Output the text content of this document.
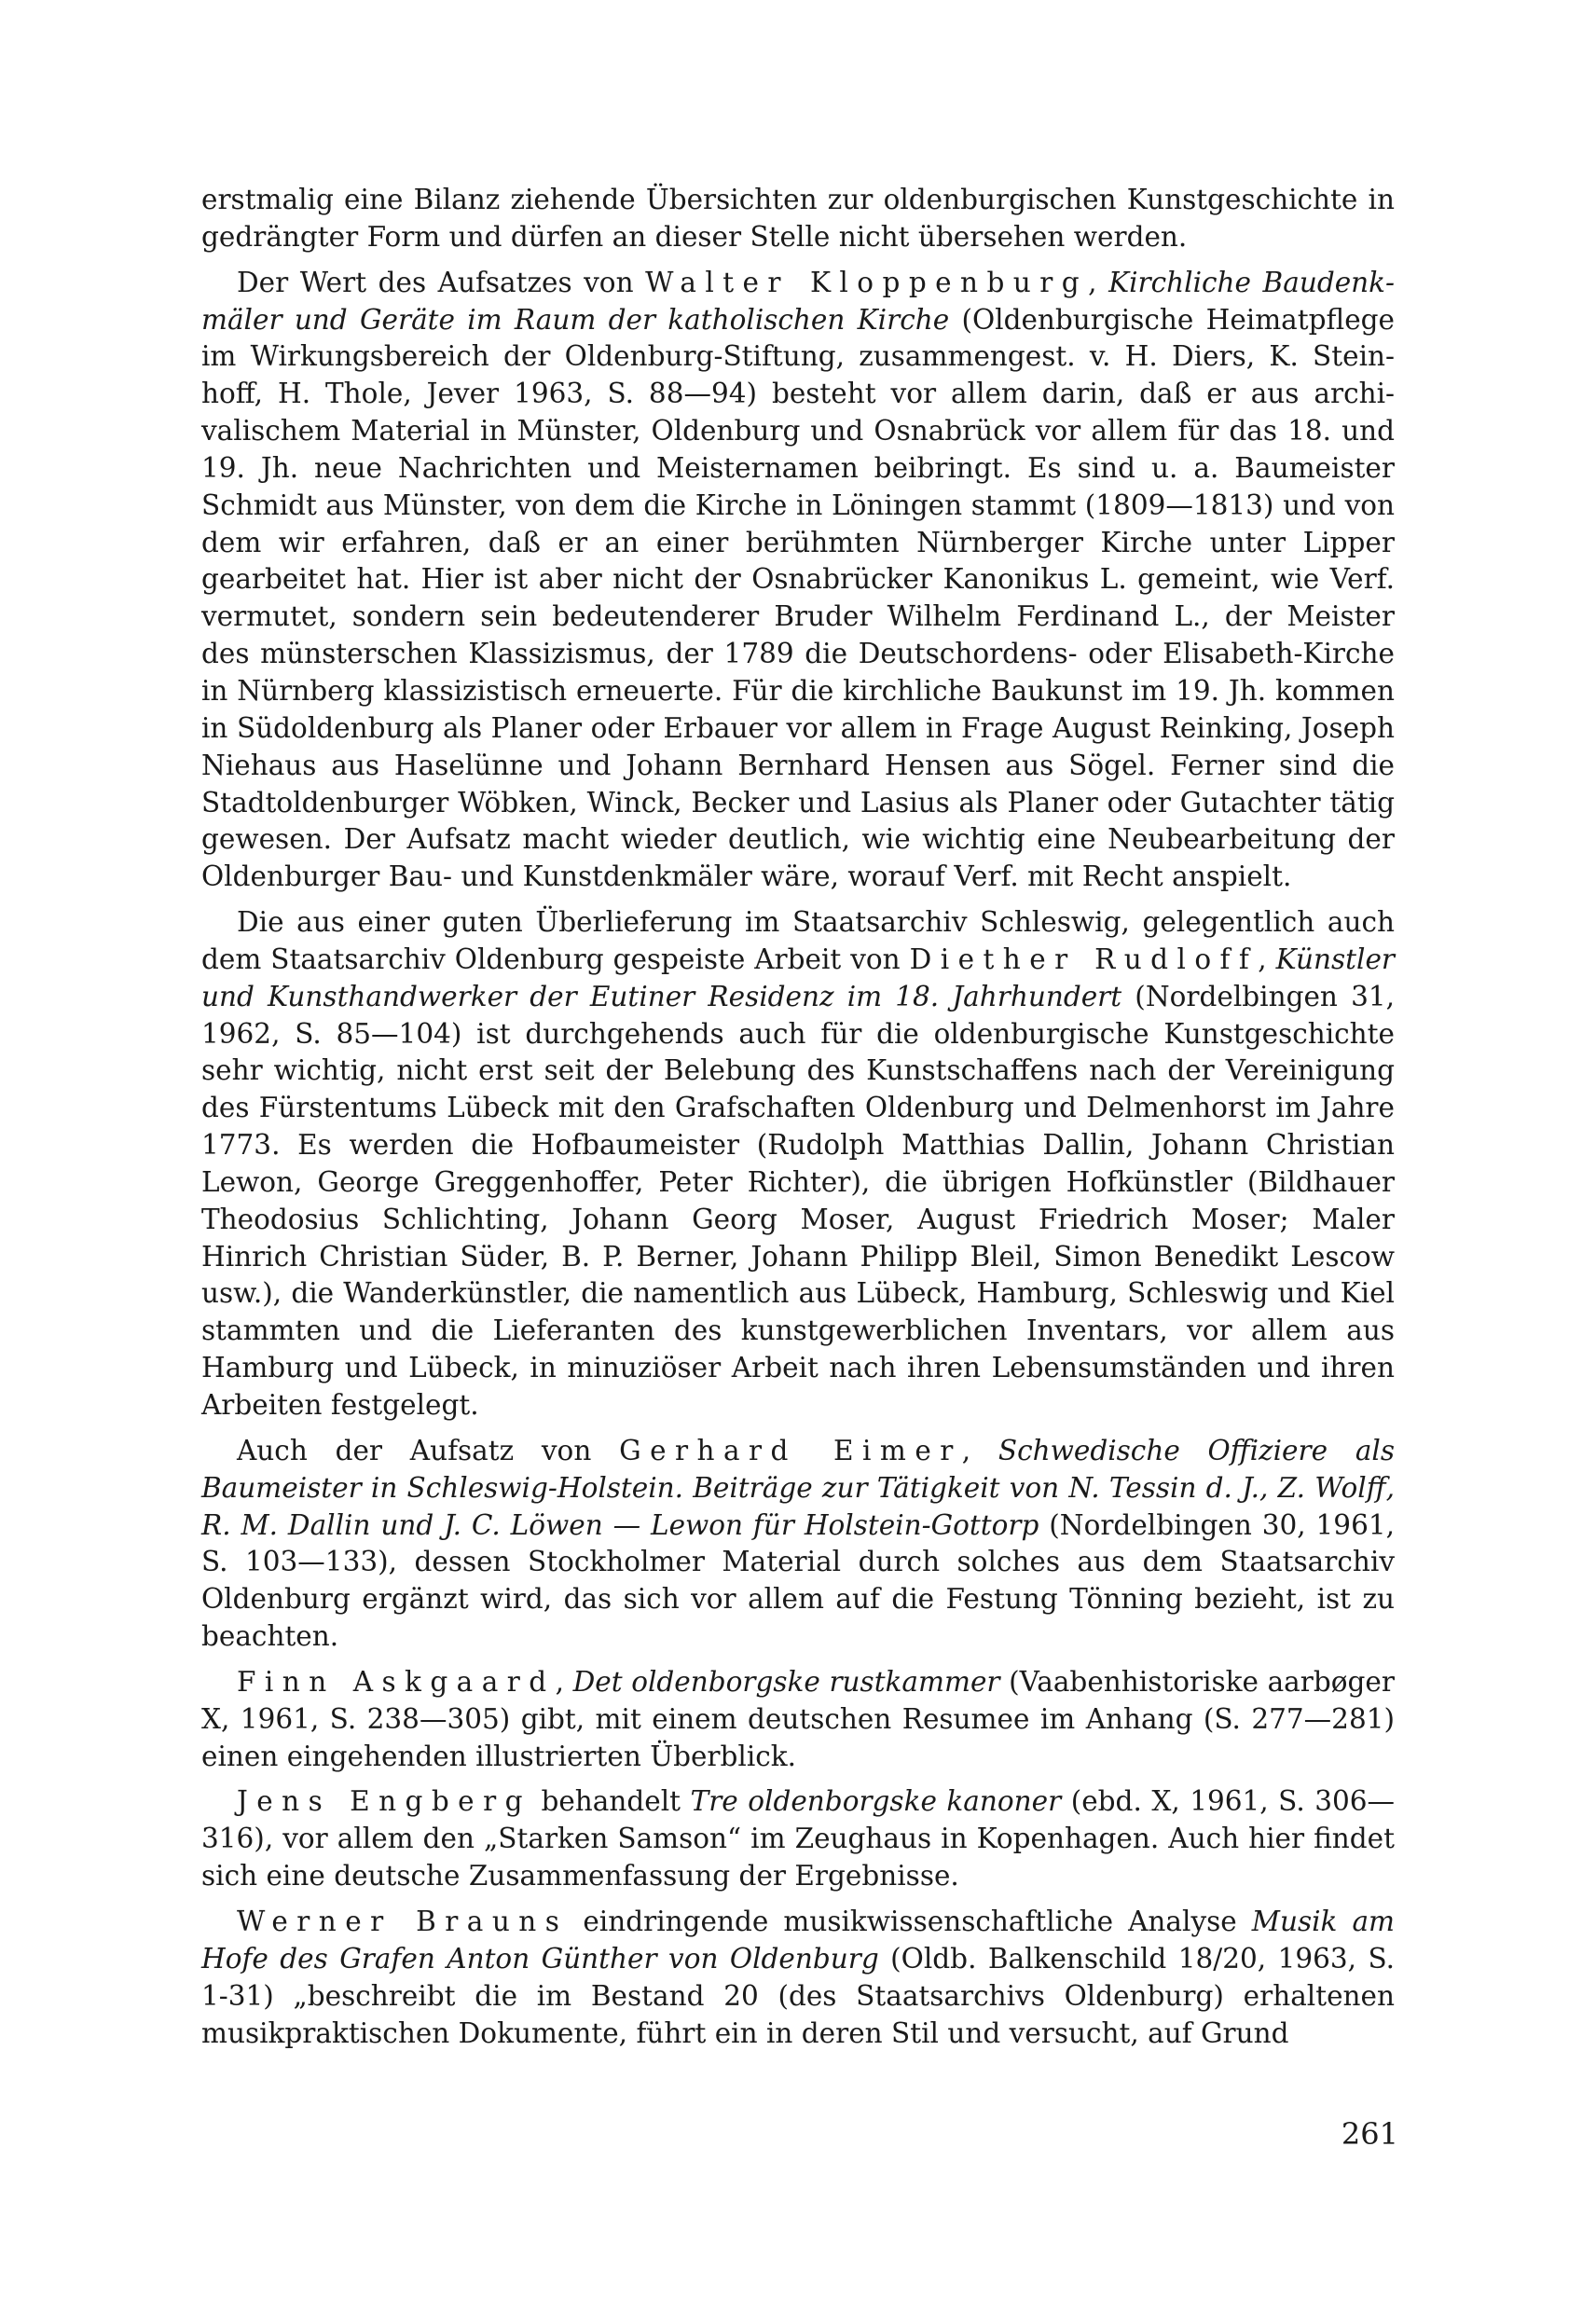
erstmalig eine Bilanz ziehende Übersichten zur oldenburgischen Kunstgeschichte in gedrängter Form und dürfen an dieser Stelle nicht übersehen werden.

Der Wert des Aufsatzes von Walter Kloppenburg, Kirchliche Baudenkmäler und Geräte im Raum der katholischen Kirche (Oldenburgische Heimatpflege im Wirkungsbereich der Oldenburg-Stiftung, zusammengest. v. H. Diers, K. Steinhoff, H. Thole, Jever 1963, S. 88—94) besteht vor allem darin, daß er aus archivalischem Material in Münster, Oldenburg und Osnabrück vor allem für das 18. und 19. Jh. neue Nachrichten und Meisternamen beibringt. Es sind u. a. Baumeister Schmidt aus Münster, von dem die Kirche in Löningen stammt (1809—1813) und von dem wir erfahren, daß er an einer berühmten Nürnberger Kirche unter Lipper gearbeitet hat. Hier ist aber nicht der Osnabrücker Kanonikus L. gemeint, wie Verf. vermutet, sondern sein bedeutenderer Bruder Wilhelm Ferdinand L., der Meister des münsterschen Klassizismus, der 1789 die Deutschordens- oder Elisabeth-Kirche in Nürnberg klassizistisch erneuerte. Für die kirchliche Baukunst im 19. Jh. kommen in Südoldenburg als Planer oder Erbauer vor allem in Frage August Reinking, Joseph Niehaus aus Haselünne und Johann Bernhard Hensen aus Sögel. Ferner sind die Stadtoldenburger Wöbken, Winck, Becker und Lasius als Planer oder Gutachter tätig gewesen. Der Aufsatz macht wieder deutlich, wie wichtig eine Neubearbeitung der Oldenburger Bau- und Kunstdenkmäler wäre, worauf Verf. mit Recht anspielt.

Die aus einer guten Überlieferung im Staatsarchiv Schleswig, gelegentlich auch dem Staatsarchiv Oldenburg gespeiste Arbeit von Diether Rudloff, Künstler und Kunsthandwerker der Eutiner Residenz im 18. Jahrhundert (Nordelbingen 31, 1962, S. 85—104) ist durchgehends auch für die oldenburgische Kunstgeschichte sehr wichtig, nicht erst seit der Belebung des Kunstschaffens nach der Vereinigung des Fürstentums Lübeck mit den Grafschaften Oldenburg und Delmenhorst im Jahre 1773. Es werden die Hofbaumeister (Rudolph Matthias Dallin, Johann Christian Lewon, George Greggenhoffer, Peter Richter), die übrigen Hofkünstler (Bildhauer Theodosius Schlichting, Johann Georg Moser, August Friedrich Moser; Maler Hinrich Christian Süder, B. P. Berner, Johann Philipp Bleil, Simon Benedikt Lescow usw.), die Wanderkünstler, die namentlich aus Lübeck, Hamburg, Schleswig und Kiel stammten und die Lieferanten des kunstgewerblichen Inventars, vor allem aus Hamburg und Lübeck, in minuziöser Arbeit nach ihren Lebensumständen und ihren Arbeiten festgelegt.

Auch der Aufsatz von Gerhard Eimer, Schwedische Offiziere als Baumeister in Schleswig-Holstein. Beiträge zur Tätigkeit von N. Tessin d. J., Z. Wolff, R. M. Dallin und J. C. Löwen — Lewon für Holstein-Gottorp (Nordelbingen 30, 1961, S. 103—133), dessen Stockholmer Material durch solches aus dem Staatsarchiv Oldenburg ergänzt wird, das sich vor allem auf die Festung Tönning bezieht, ist zu beachten.

Finn Askgaard, Det oldenborgske rustkammer (Vaabenhistoriske aarbøger X, 1961, S. 238—305) gibt, mit einem deutschen Resumee im Anhang (S. 277—281) einen eingehenden illustrierten Überblick.

Jens Engberg behandelt Tre oldenborgske kanoner (ebd. X, 1961, S. 306—316), vor allem den „Starken Samson“ im Zeughaus in Kopenhagen. Auch hier findet sich eine deutsche Zusammenfassung der Ergebnisse.

Werner Brauns eindringende musikwissenschaftliche Analyse Musik am Hofe des Grafen Anton Günther von Oldenburg (Oldb. Balkenschild 18/20, 1963, S. 1-31) „beschreibt die im Bestand 20 (des Staatsarchivs Oldenburg) erhaltenen musikpraktischen Dokumente, führt ein in deren Stil und versucht, auf Grund

261
